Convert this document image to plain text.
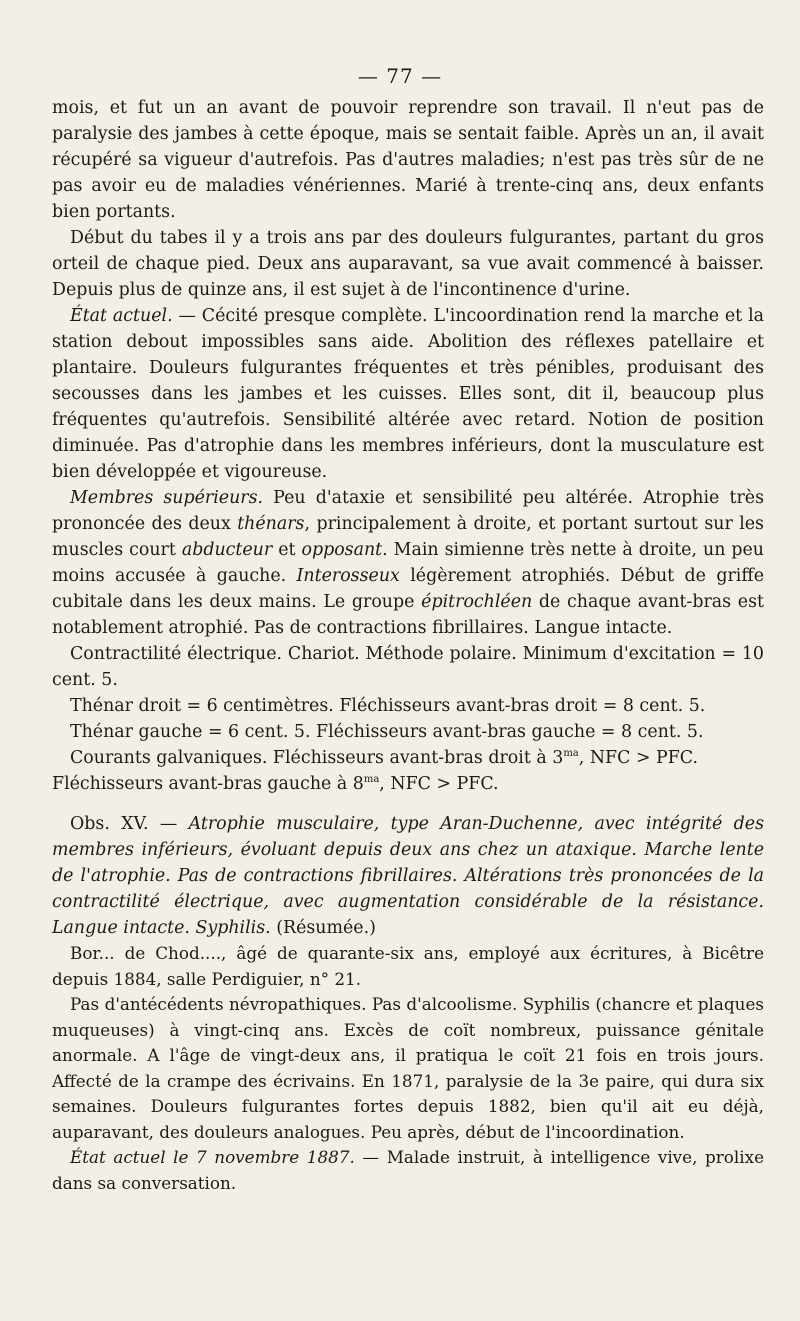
— 77 —

mois, et fut un an avant de pouvoir reprendre son travail. Il n'eut pas de paralysie des jambes à cette époque, mais se sentait faible. Après un an, il avait récupéré sa vigueur d'autrefois. Pas d'autres maladies; n'est pas très sûr de ne pas avoir eu de maladies vénériennes. Marié à trente-cinq ans, deux enfants bien portants.

Début du tabes il y a trois ans par des douleurs fulgurantes, partant du gros orteil de chaque pied. Deux ans auparavant, sa vue avait commencé à baisser. Depuis plus de quinze ans, il est sujet à de l'incontinence d'urine.

État actuel. — Cécité presque complète. L'incoordination rend la marche et la station debout impossibles sans aide. Abolition des réflexes patellaire et plantaire. Douleurs fulgurantes fréquentes et très pénibles, produisant des secousses dans les jambes et les cuisses. Elles sont, dit il, beaucoup plus fréquentes qu'autrefois. Sensibilité altérée avec retard. Notion de position diminuée. Pas d'atrophie dans les membres inférieurs, dont la musculature est bien développée et vigoureuse.

Membres supérieurs. Peu d'ataxie et sensibilité peu altérée. Atrophie très prononcée des deux thénars, principalement à droite, et portant surtout sur les muscles court abducteur et opposant. Main simienne très nette à droite, un peu moins accusée à gauche. Interosseux légèrement atrophiés. Début de griffe cubitale dans les deux mains. Le groupe épitrochléen de chaque avant-bras est notablement atrophié. Pas de contractions fibrillaires. Langue intacte.

Contractilité électrique. Chariot. Méthode polaire. Minimum d'excitation = 10 cent. 5.

Thénar droit = 6 centimètres. Fléchisseurs avant-bras droit = 8 cent. 5.

Thénar gauche = 6 cent. 5. Fléchisseurs avant-bras gauche = 8 cent. 5.

Courants galvaniques. Fléchisseurs avant-bras droit à $3^{ma}$, NFC > PFC.

Fléchisseurs avant-bras gauche à $8^{ma}$, NFC > PFC.

Obs. XV. — Atrophie musculaire, type Aran-Duchenne, avec intégrité des membres inférieurs, évoluant depuis deux ans chez un ataxique. Marche lente de l'atrophie. Pas de contractions fibrillaires. Altérations très prononcées de la contractilité électrique, avec augmentation considérable de la résistance. Langue intacte. Syphilis. (Résumée.)

Bor... de Chod...., âgé de quarante-six ans, employé aux écritures, à Bicêtre depuis 1884, salle Perdiguier, n° 21.

Pas d'antécédents névropathiques. Pas d'alcoolisme. Syphilis (chancre et plaques muqueuses) à vingt-cinq ans. Excès de coït nombreux, puissance génitale anormale. A l'âge de vingt-deux ans, il pratiqua le coït 21 fois en trois jours. Affecté de la crampe des écrivains. En 1871, paralysie de la 3e paire, qui dura six semaines. Douleurs fulgurantes fortes depuis 1882, bien qu'il ait eu déjà, auparavant, des douleurs analogues. Peu après, début de l'incoordination.

État actuel le 7 novembre 1887. — Malade instruit, à intelligence vive, prolixe dans sa conversation.
